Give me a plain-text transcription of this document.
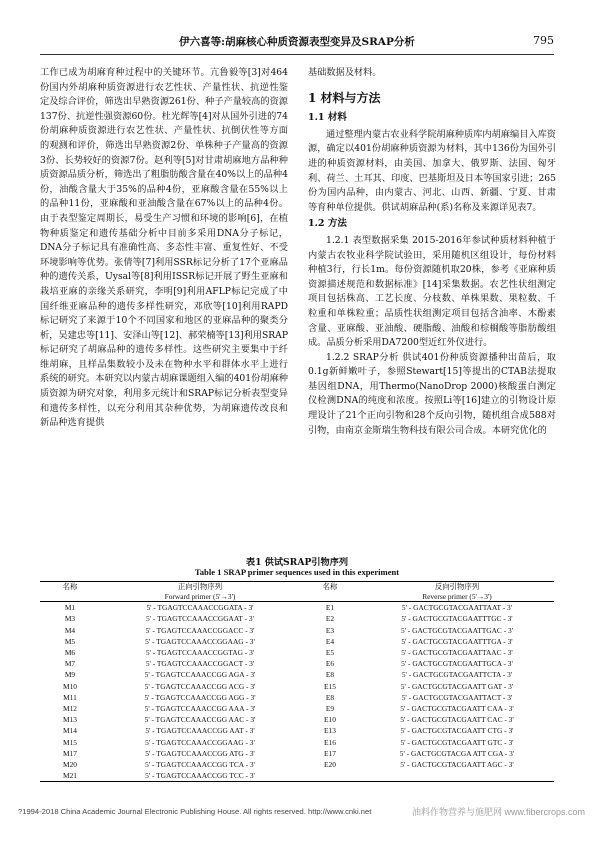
伊六喜等:胡麻核心种质资源表型变异及SRAP分析	795

工作已成为胡麻育种过程中的关键环节。亢鲁毅等[3]对464份国内外胡麻种质资源进行农艺性状、产量性状、抗逆性鉴定及综合评价，筛选出早熟资源261份、种子产量较高的资源137份、抗逆性强资源60份。杜光辉等[4]对从国外引进的74份胡麻种质资源进行农艺性状、产量性状、抗倒伏性等方面的观测和评价，筛选出早熟资源2份、单株种子产量高的资源3份、长势较好的资源7份。赵利等[5]对甘肃胡麻地方品种种质资源品质分析，筛选出了粗脂肪酸含量在40%以上的品种4份，油酸含量大于35%的品种4份，亚麻酸含量在55%以上的品种11份，亚麻酸和亚油酸含量在67%以上的品种4份。由于表型鉴定周期长，易受生产习惯和环境的影响[6]，在植物种质鉴定和遗传基础分析中目前多采用DNA分子标记，DNA分子标记具有准确性高、多态性丰富、重复性好、不受环境影响等优势。张倩等[7]利用SSR标记分析了17个亚麻品种的遗传关系，Uysal等[8]利用ISSR标记开展了野生亚麻和栽培亚麻的亲缘关系研究，李明[9]利用AFLP标记完成了中国纤维亚麻品种的遗传多样性研究，邓欣等[10]利用RAPD标记研究了来源于10个不同国家和地区的亚麻品种的聚类分析，吴建忠等[11]、安泽山等[12]、郝荣楠等[13]利用SRAP标记研究了胡麻品种的遗传多样性。这些研究主要集中于纤维胡麻，且样品集数较小及未在物种水平和群体水平上进行系统的研究。本研究以内蒙古胡麻课题组入编的401份胡麻种质资源为研究对象，利用多元统计和SRAP标记分析表型变异和遗传多样性，以充分利用其杂种优势，为胡麻遗传改良和新品种选育提供

基础数据及材料。

1 材料与方法
1.1 材料

通过整理内蒙古农业科学院胡麻种质库内胡麻编目入库资源，确定以401份胡麻种质资源为材料，其中136份为国外引进的种质资源材料，由美国、加拿大、俄罗斯、法国、匈牙利、荷兰、土耳其、印度、巴基斯坦及日本等国家引进；265份为国内品种，由内蒙古、河北、山西、新疆、宁夏、甘肃等育种单位提供。供试胡麻品种(系)名称及来源详见表7。

1.2 方法

1.2.1 表型数据采集 2015-2016年参试种质材料种植于内蒙古农牧业科学院试验田，采用随机区组设计，每份材料种植3行，行长1m。每份资源随机取20株，参考《亚麻种质资源描述规范和数据标准》[14]采集数据。农艺性状组测定项目包括株高、工艺长度、分枝数、单株果数、果粒数、千粒重和单株粒重；品质性状组测定项目包括含油率、木酚素含量、亚麻酸、亚油酸、硬脂酸、油酸和棕榈酸等脂肪酸组成。品质分析采用DA7200型近红外仪进行。

1.2.2 SRAP分析 供试401份种质资源播种出苗后，取0.1g新鲜嫩叶子，参照Stewart[15]等提出的CTAB法提取基因组DNA，用Thermo(NanoDrop 2000)核酸蛋白测定仪检测DNA的纯度和浓度。按照Li等[16]建立的引物设计原理设计了21个正向引物和28个反向引物，随机组合成588对引物，由南京金斯瑞生物科技有限公司合成。本研究优化的

表1 供试SRAP引物序列
Table 1 SRAP primer sequences used in this experiment
名称	正向引物序列	名称	反向引物序列
	Forward primer (5'→3')		Reverse primer (5'→3')
M1	5' - TGAGTCCAAACCGGATA - 3'	E1	5' - GACTGCGTACGAATTAAT - 3'
M3	5' - TGAGTCCAAACCGGAAT - 3'	E2	5' - GACTGCGTACGAATTTGC - 3'
M4	5' - TGAGTCCAAACCGGACC - 3'	E3	5' - GACTGCGTACGAATTGAC - 3'
M5	5' - TGAGTCCAAACCGGAAG - 3'	E4	5' - GACTGCGTACGAATTTGA - 3'
M6	5' - TGAGTCCAAACCGGTAG - 3'	E5	5' - GACTGCGTACGAATTAAC - 3'
M7	5' - TGAGTCCAAACCGGACT - 3'	E6	5' - GACTGCGTACGAATTGCA - 3'
M9	5' - TGAGTCCAAACCGG AGA - 3'	E8	5' - GACTGCGTACGAATTCTA - 3'
M10	5' - TGAGTCCAAACCGG ACG - 3'	E15	5' - GACTGCGTACGAATT GAT - 3'
M11	5' - TGAGTCCAAACCGG AGG - 3'	E8	5' - GACTGCGTACGAATTACT - 3'
M12	5' - TGAGTCCAAACCGG AAA - 3'	E9	5' - GACTGCGTACGAATT CAA - 3'
M13	5' - TGAGTCCAAACCGG AAC - 3'	E10	5' - GACTGCGTACGAATT CAC - 3'
M14	5' - TGAGTCCAAACCGG AAT - 3'	E13	5' - GACTGCGTACGAATT CTG - 3'
M15	5' - TGAGTCCAAACCGGAAG - 3'	E16	5' - GACTGCGTACGAATT GTC - 3'
M17	5' - TGAGTCCAAACCGG ATG - 3'	E17	5' - GACTGCGTACGA ATT CGA - 3'
M20	5' - TGAGTCCAAACCGG TCA - 3'	E20	5' - GACTGCGTACGAATT AGC - 3'
M21	5' - TGAGTCCAAACCGG TCC - 3'		
?1994-2018 China Academic Journal Electronic Publishing House. All rights reserved. http://www.cnki.net	油料作物营养与施肥网 www.fibercrops.com
